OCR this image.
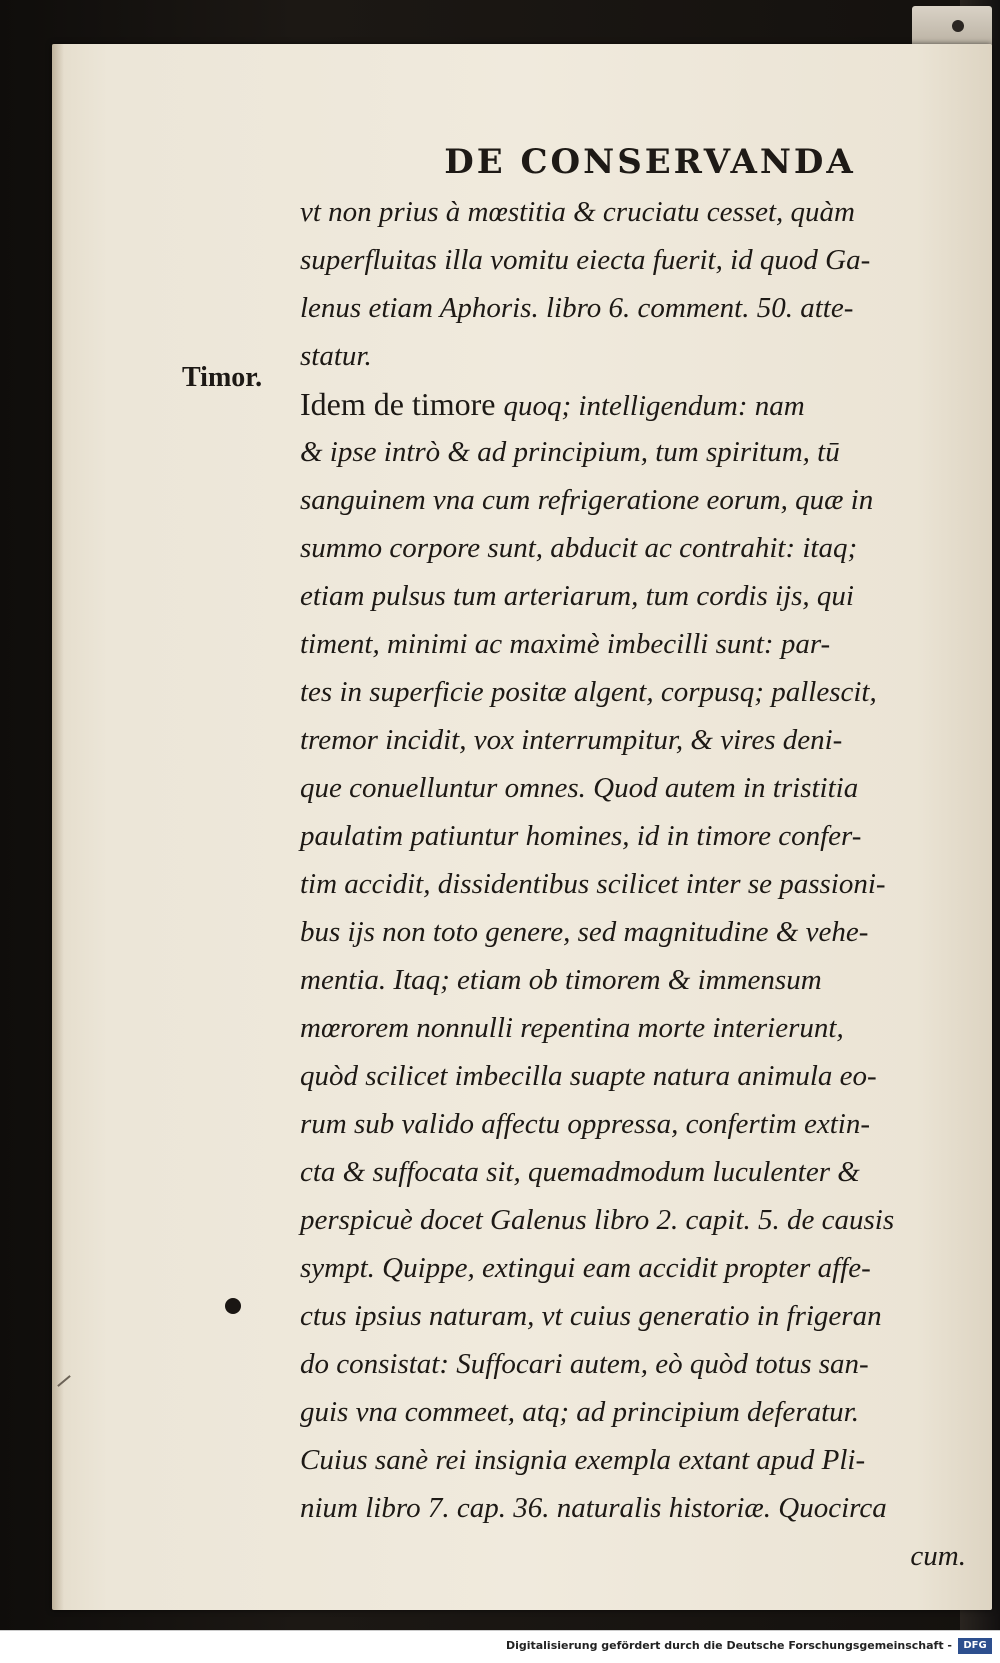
DE CONSERVANDA
Timor.
vt non prius à mœstitia & cruciatu cesset, quàm
superfluitas illa vomitu eiecta fuerit, id quod Ga-
lenus etiam Aphoris. libro 6. comment. 50. atte-
statur.
Idem de timore quoq; intelligendum: nam
& ipse intrò & ad principium, tum spiritum, tū
sanguinem vna cum refrigeratione eorum, quæ in
summo corpore sunt, abducit ac contrahit: itaq;
etiam pulsus tum arteriarum, tum cordis ijs, qui
timent, minimi ac maximè imbecilli sunt: par-
tes in superficie positæ algent, corpusq; pallescit,
tremor incidit, vox interrumpitur, & vires deni-
que conuelluntur omnes. Quod autem in tristitia
paulatim patiuntur homines, id in timore confer-
tim accidit, dissidentibus scilicet inter se passioni-
bus ijs non toto genere, sed magnitudine & vehe-
mentia. Itaq; etiam ob timorem & immensum
mœrorem nonnulli repentina morte interierunt,
quòd scilicet imbecilla suapte natura animula eo-
rum sub valido affectu oppressa, confertim extin-
cta & suffocata sit, quemadmodum luculenter &
perspicuè docet Galenus libro 2. capit. 5. de causis
sympt. Quippe, extingui eam accidit propter affe-
ctus ipsius naturam, vt cuius generatio in frigeran
do consistat: Suffocari autem, eò quòd totus san-
guis vna commeet, atq; ad principium deferatur.
Cuius sanè rei insignia exempla extant apud Pli-
nium libro 7. cap. 36. naturalis historiæ. Quocirca
cum.
Digitalisierung gefördert durch die Deutsche Forschungsgemeinschaft -	DFG
